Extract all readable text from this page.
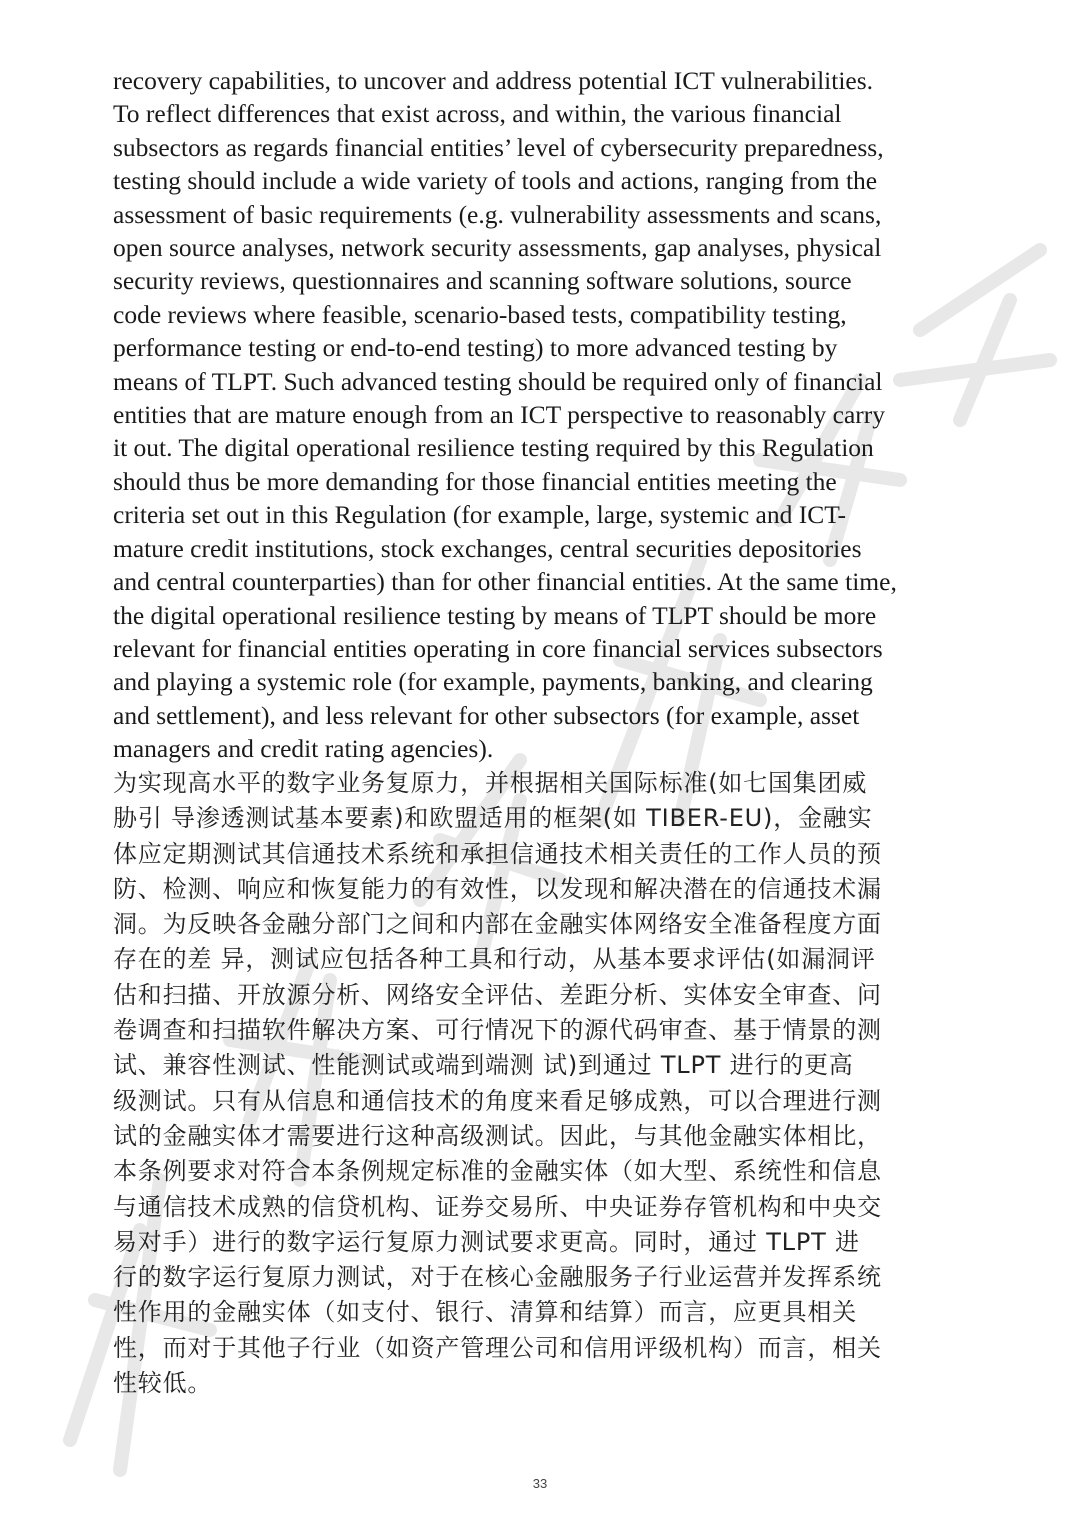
recovery capabilities, to uncover and address potential ICT vulnerabilities.
To reflect differences that exist across, and within, the various financial
subsectors as regards financial entities’ level of cybersecurity preparedness,
testing should include a wide variety of tools and actions, ranging from the
assessment of basic requirements (e.g. vulnerability assessments and scans,
open source analyses, network security assessments, gap analyses, physical
security reviews, questionnaires and scanning software solutions, source
code reviews where feasible, scenario-based tests, compatibility testing,
performance testing or end-to-end testing) to more advanced testing by
means of TLPT. Such advanced testing should be required only of financial
entities that are mature enough from an ICT perspective to reasonably carry
it out. The digital operational resilience testing required by this Regulation
should thus be more demanding for those financial entities meeting the
criteria set out in this Regulation (for example, large, systemic and ICT-
mature credit institutions, stock exchanges, central securities depositories
and central counterparties) than for other financial entities. At the same time,
the digital operational resilience testing by means of TLPT should be more
relevant for financial entities operating in core financial services subsectors
and playing a systemic role (for example, payments, banking, and clearing
and settlement), and less relevant for other subsectors (for example, asset
managers and credit rating agencies).
为实现高水平的数字业务复原力，并根据相关国际标准(如七国集团威
胁引 导渗透测试基本要素)和欧盟适用的框架(如 TIBER-EU)，金融实
体应定期测试其信通技术系统和承担信通技术相关责任的工作人员的预
防、检测、响应和恢复能力的有效性，以发现和解决潜在的信通技术漏
洞。为反映各金融分部门之间和内部在金融实体网络安全准备程度方面
存在的差 异，测试应包括各种工具和行动，从基本要求评估(如漏洞评
估和扫描、开放源分析、网络安全评估、差距分析、实体安全审查、问
卷调查和扫描软件解决方案、可行情况下的源代码审查、基于情景的测
试、兼容性测试、性能测试或端到端测 试)到通过 TLPT 进行的更高
级测试。只有从信息和通信技术的角度来看足够成熟，可以合理进行测
试的金融实体才需要进行这种高级测试。因此，与其他金融实体相比，
本条例要求对符合本条例规定标准的金融实体（如大型、系统性和信息
与通信技术成熟的信贷机构、证券交易所、中央证券存管机构和中央交
易对手）进行的数字运行复原力测试要求更高。同时，通过 TLPT 进
行的数字运行复原力测试，对于在核心金融服务子行业运营并发挥系统
性作用的金融实体（如支付、银行、清算和结算）而言，应更具相关
性，而对于其他子行业（如资产管理公司和信用评级机构）而言，相关
性较低。
33
